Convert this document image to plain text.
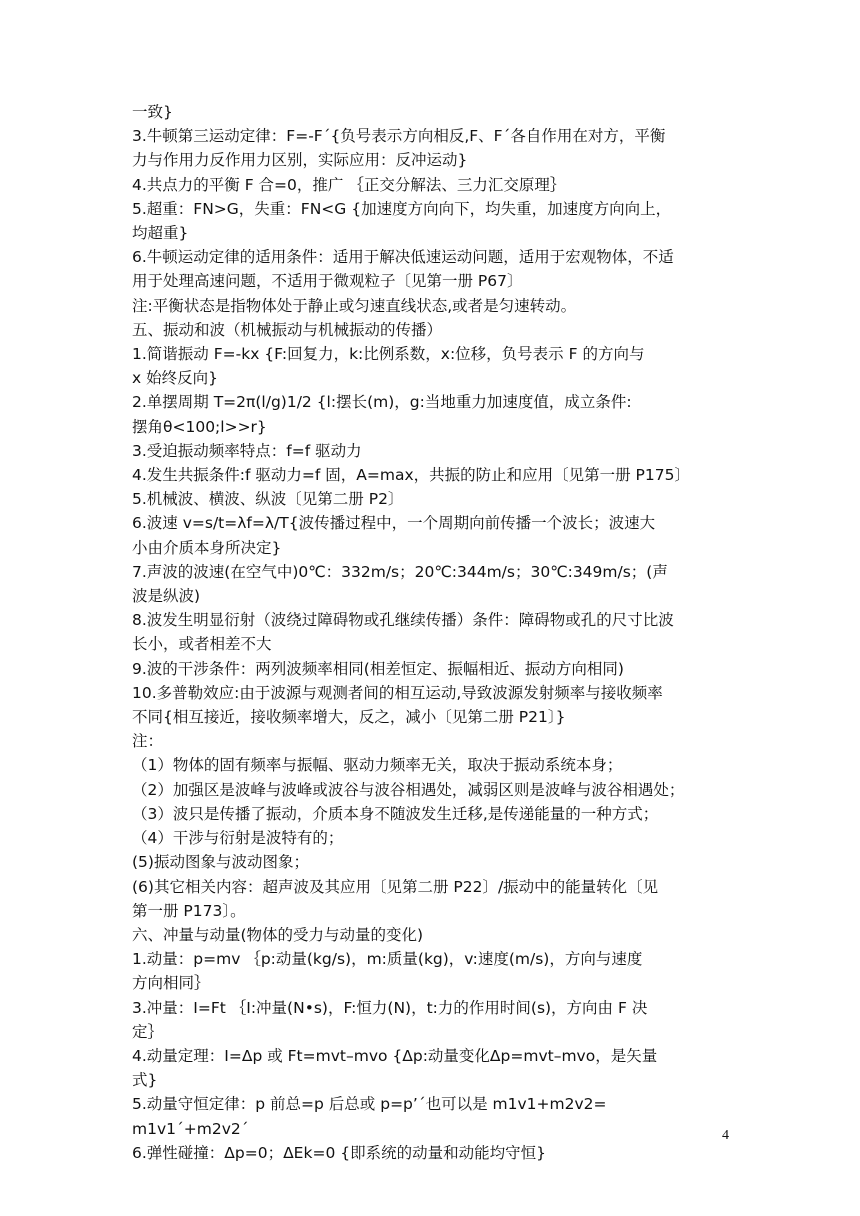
一致}
3.牛顿第三运动定律：F=-F´{负号表示方向相反,F、F´各自作用在对方，平衡
力与作用力反作用力区别，实际应用：反冲运动}
4.共点力的平衡 F 合=0，推广 ｛正交分解法、三力汇交原理｝
5.超重：FN>G，失重：FN<G {加速度方向向下，均失重，加速度方向向上，
均超重}
6.牛顿运动定律的适用条件：适用于解决低速运动问题，适用于宏观物体，不适
用于处理高速问题，不适用于微观粒子〔见第一册 P67〕
注:平衡状态是指物体处于静止或匀速直线状态,或者是匀速转动。
五、振动和波（机械振动与机械振动的传播）
1.简谐振动 F=-kx {F:回复力，k:比例系数，x:位移，负号表示 F 的方向与
x 始终反向}
2.单摆周期 T=2π(l/g)1/2 {l:摆长(m)，g:当地重力加速度值，成立条件:
摆角θ<100;l>>r}
3.受迫振动频率特点：f=f 驱动力
4.发生共振条件:f 驱动力=f 固，A=max，共振的防止和应用〔见第一册 P175〕
5.机械波、横波、纵波〔见第二册 P2〕
6.波速 v=s/t=λf=λ/T{波传播过程中，一个周期向前传播一个波长；波速大
小由介质本身所决定}
7.声波的波速(在空气中)0℃：332m/s；20℃:344m/s；30℃:349m/s；(声
波是纵波)
8.波发生明显衍射（波绕过障碍物或孔继续传播）条件：障碍物或孔的尺寸比波
长小，或者相差不大
9.波的干涉条件：两列波频率相同(相差恒定、振幅相近、振动方向相同)
10.多普勒效应:由于波源与观测者间的相互运动,导致波源发射频率与接收频率
不同{相互接近，接收频率增大，反之，减小〔见第二册 P21〕}
注：
（1）物体的固有频率与振幅、驱动力频率无关，取决于振动系统本身；
（2）加强区是波峰与波峰或波谷与波谷相遇处，减弱区则是波峰与波谷相遇处；
（3）波只是传播了振动，介质本身不随波发生迁移,是传递能量的一种方式；
（4）干涉与衍射是波特有的；
(5)振动图象与波动图象；
(6)其它相关内容：超声波及其应用〔见第二册 P22〕/振动中的能量转化〔见
第一册 P173〕。
六、冲量与动量(物体的受力与动量的变化)
1.动量：p=mv ｛p:动量(kg/s)，m:质量(kg)，v:速度(m/s)，方向与速度
方向相同｝
3.冲量：I=Ft ｛I:冲量(N•s)，F:恒力(N)，t:力的作用时间(s)，方向由 F 决
定｝
4.动量定理：I=Δp 或 Ft=mvt–mvo {Δp:动量变化Δp=mvt–mvo，是矢量
式}
5.动量守恒定律：p 前总=p 后总或 p=p’´也可以是 m1v1+m2v2=
m1v1´+m2v2´
6.弹性碰撞：Δp=0；ΔEk=0 {即系统的动量和动能均守恒}
4
